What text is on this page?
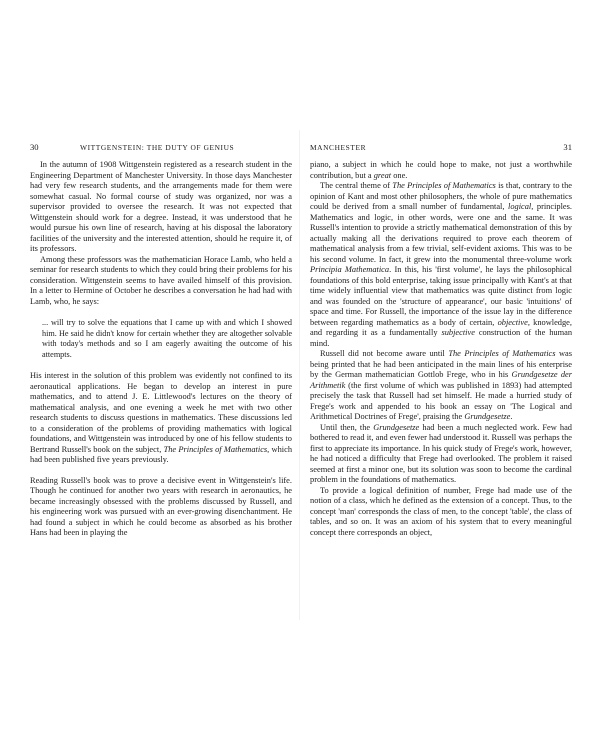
30	WITTGENSTEIN: THE DUTY OF GENIUS

In the autumn of 1908 Wittgenstein registered as a research student in the Engineering Department of Manchester University. In those days Manchester had very few research students, and the arrangements made for them were somewhat casual. No formal course of study was organized, nor was a supervisor provided to oversee the research. It was not expected that Wittgenstein should work for a degree. Instead, it was understood that he would pursue his own line of research, having at his disposal the laboratory facilities of the university and the interested attention, should he require it, of its professors.

Among these professors was the mathematician Horace Lamb, who held a seminar for research students to which they could bring their problems for his consideration. Wittgenstein seems to have availed himself of this provision. In a letter to Hermine of October he describes a conversation he had had with Lamb, who, he says:

... will try to solve the equations that I came up with and which I showed him. He said he didn't know for certain whether they are altogether solvable with today's methods and so I am eagerly awaiting the outcome of his attempts.

His interest in the solution of this problem was evidently not confined to its aeronautical applications. He began to develop an interest in pure mathematics, and to attend J. E. Littlewood's lectures on the theory of mathematical analysis, and one evening a week he met with two other research students to discuss questions in mathematics. These discussions led to a consideration of the problems of providing mathematics with logical foundations, and Wittgenstein was introduced by one of his fellow students to Bertrand Russell's book on the subject, The Principles of Mathematics, which had been published five years previously.

Reading Russell's book was to prove a decisive event in Wittgenstein's life. Though he continued for another two years with research in aeronautics, he became increasingly obsessed with the problems discussed by Russell, and his engineering work was pursued with an ever-growing disenchantment. He had found a subject in which he could become as absorbed as his brother Hans had been in playing the

MANCHESTER	31

piano, a subject in which he could hope to make, not just a worthwhile contribution, but a great one.

The central theme of The Principles of Mathematics is that, contrary to the opinion of Kant and most other philosophers, the whole of pure mathematics could be derived from a small number of fundamental, logical, principles. Mathematics and logic, in other words, were one and the same. It was Russell's intention to provide a strictly mathematical demonstration of this by actually making all the derivations required to prove each theorem of mathematical analysis from a few trivial, self-evident axioms. This was to be his second volume. In fact, it grew into the monumental three-volume work Principia Mathematica. In this, his 'first volume', he lays the philosophical foundations of this bold enterprise, taking issue principally with Kant's at that time widely influential view that mathematics was quite distinct from logic and was founded on the 'structure of appearance', our basic 'intuitions' of space and time. For Russell, the importance of the issue lay in the difference between regarding mathematics as a body of certain, objective, knowledge, and regarding it as a fundamentally subjective construction of the human mind.

Russell did not become aware until The Principles of Mathematics was being printed that he had been anticipated in the main lines of his enterprise by the German mathematician Gottlob Frege, who in his Grundgesetze der Arithmetik (the first volume of which was published in 1893) had attempted precisely the task that Russell had set himself. He made a hurried study of Frege's work and appended to his book an essay on 'The Logical and Arithmetical Doctrines of Frege', praising the Grundgesetze.

Until then, the Grundgesetze had been a much neglected work. Few had bothered to read it, and even fewer had understood it. Russell was perhaps the first to appreciate its importance. In his quick study of Frege's work, however, he had noticed a difficulty that Frege had overlooked. The problem it raised seemed at first a minor one, but its solution was soon to become the cardinal problem in the foundations of mathematics.

To provide a logical definition of number, Frege had made use of the notion of a class, which he defined as the extension of a concept. Thus, to the concept 'man' corresponds the class of men, to the concept 'table', the class of tables, and so on. It was an axiom of his system that to every meaningful concept there corresponds an object,
